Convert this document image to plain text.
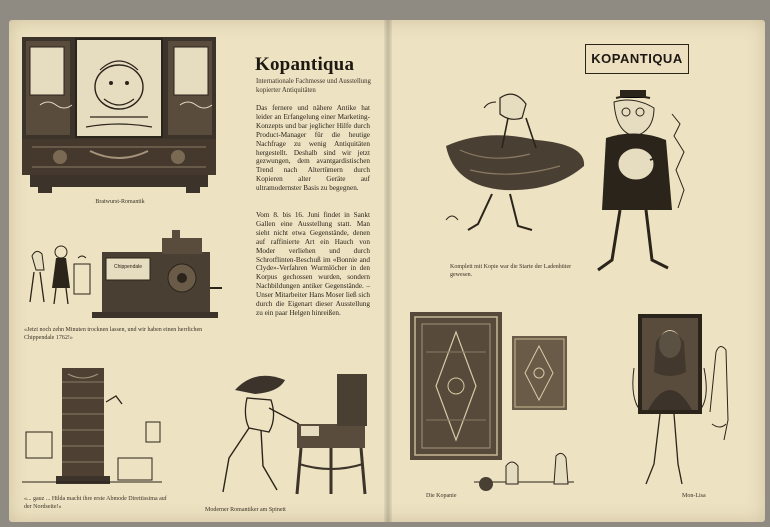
Bratwurst-Romantik
Chippendale
«Jetzt noch zehn Minuten trocknen lassen, und wir haben einen herrlichen Chippendale 1762!»
«... gauz ... Hilda macht ihre erste Abmode Direttissima auf der Nordseite!»
Moderner Romantiker am Spinett
Kopantiqua
Internationale Fachmesse und Ausstellung kopierter Antiquitäten
Das fernere und nähere Antike hat leider an Erfangelung einer Marketing-Konzepts und bar jeglicher Hilfe durch Product-Manager für die heutige Nachfrage zu wenig Antiquitäten hergestellt. Deshalb sind wir jetzt gezwungen, dem avantgardistischen Trend nach Altertümern durch Kopieren alter Geräte auf ultramodernster Basis zu begegnen.
Vom 8. bis 16. Juni findet in Sankt Gallen eine Ausstellung statt. Man sieht nicht etwa Gegenstände, denen auf raffinierte Art ein Hauch von Moder verliehen und durch Schrotflinten-Beschuß im «Bonnie and Clyde»-Verfahren Wurmlöcher in den Korpus gechossen wurden, sondern Nachbildungen antiker Gegenstände. – Unser Mitarbeiter Hans Moser ließ sich durch die Eigenart dieser Ausstellung zu ein paar Helgen hinreißen.
KOPANTIQUA
Komplett mit Kopie war die Starte der Ladenhüter gewesen.
Die Kopanie	Mon-Lisa
